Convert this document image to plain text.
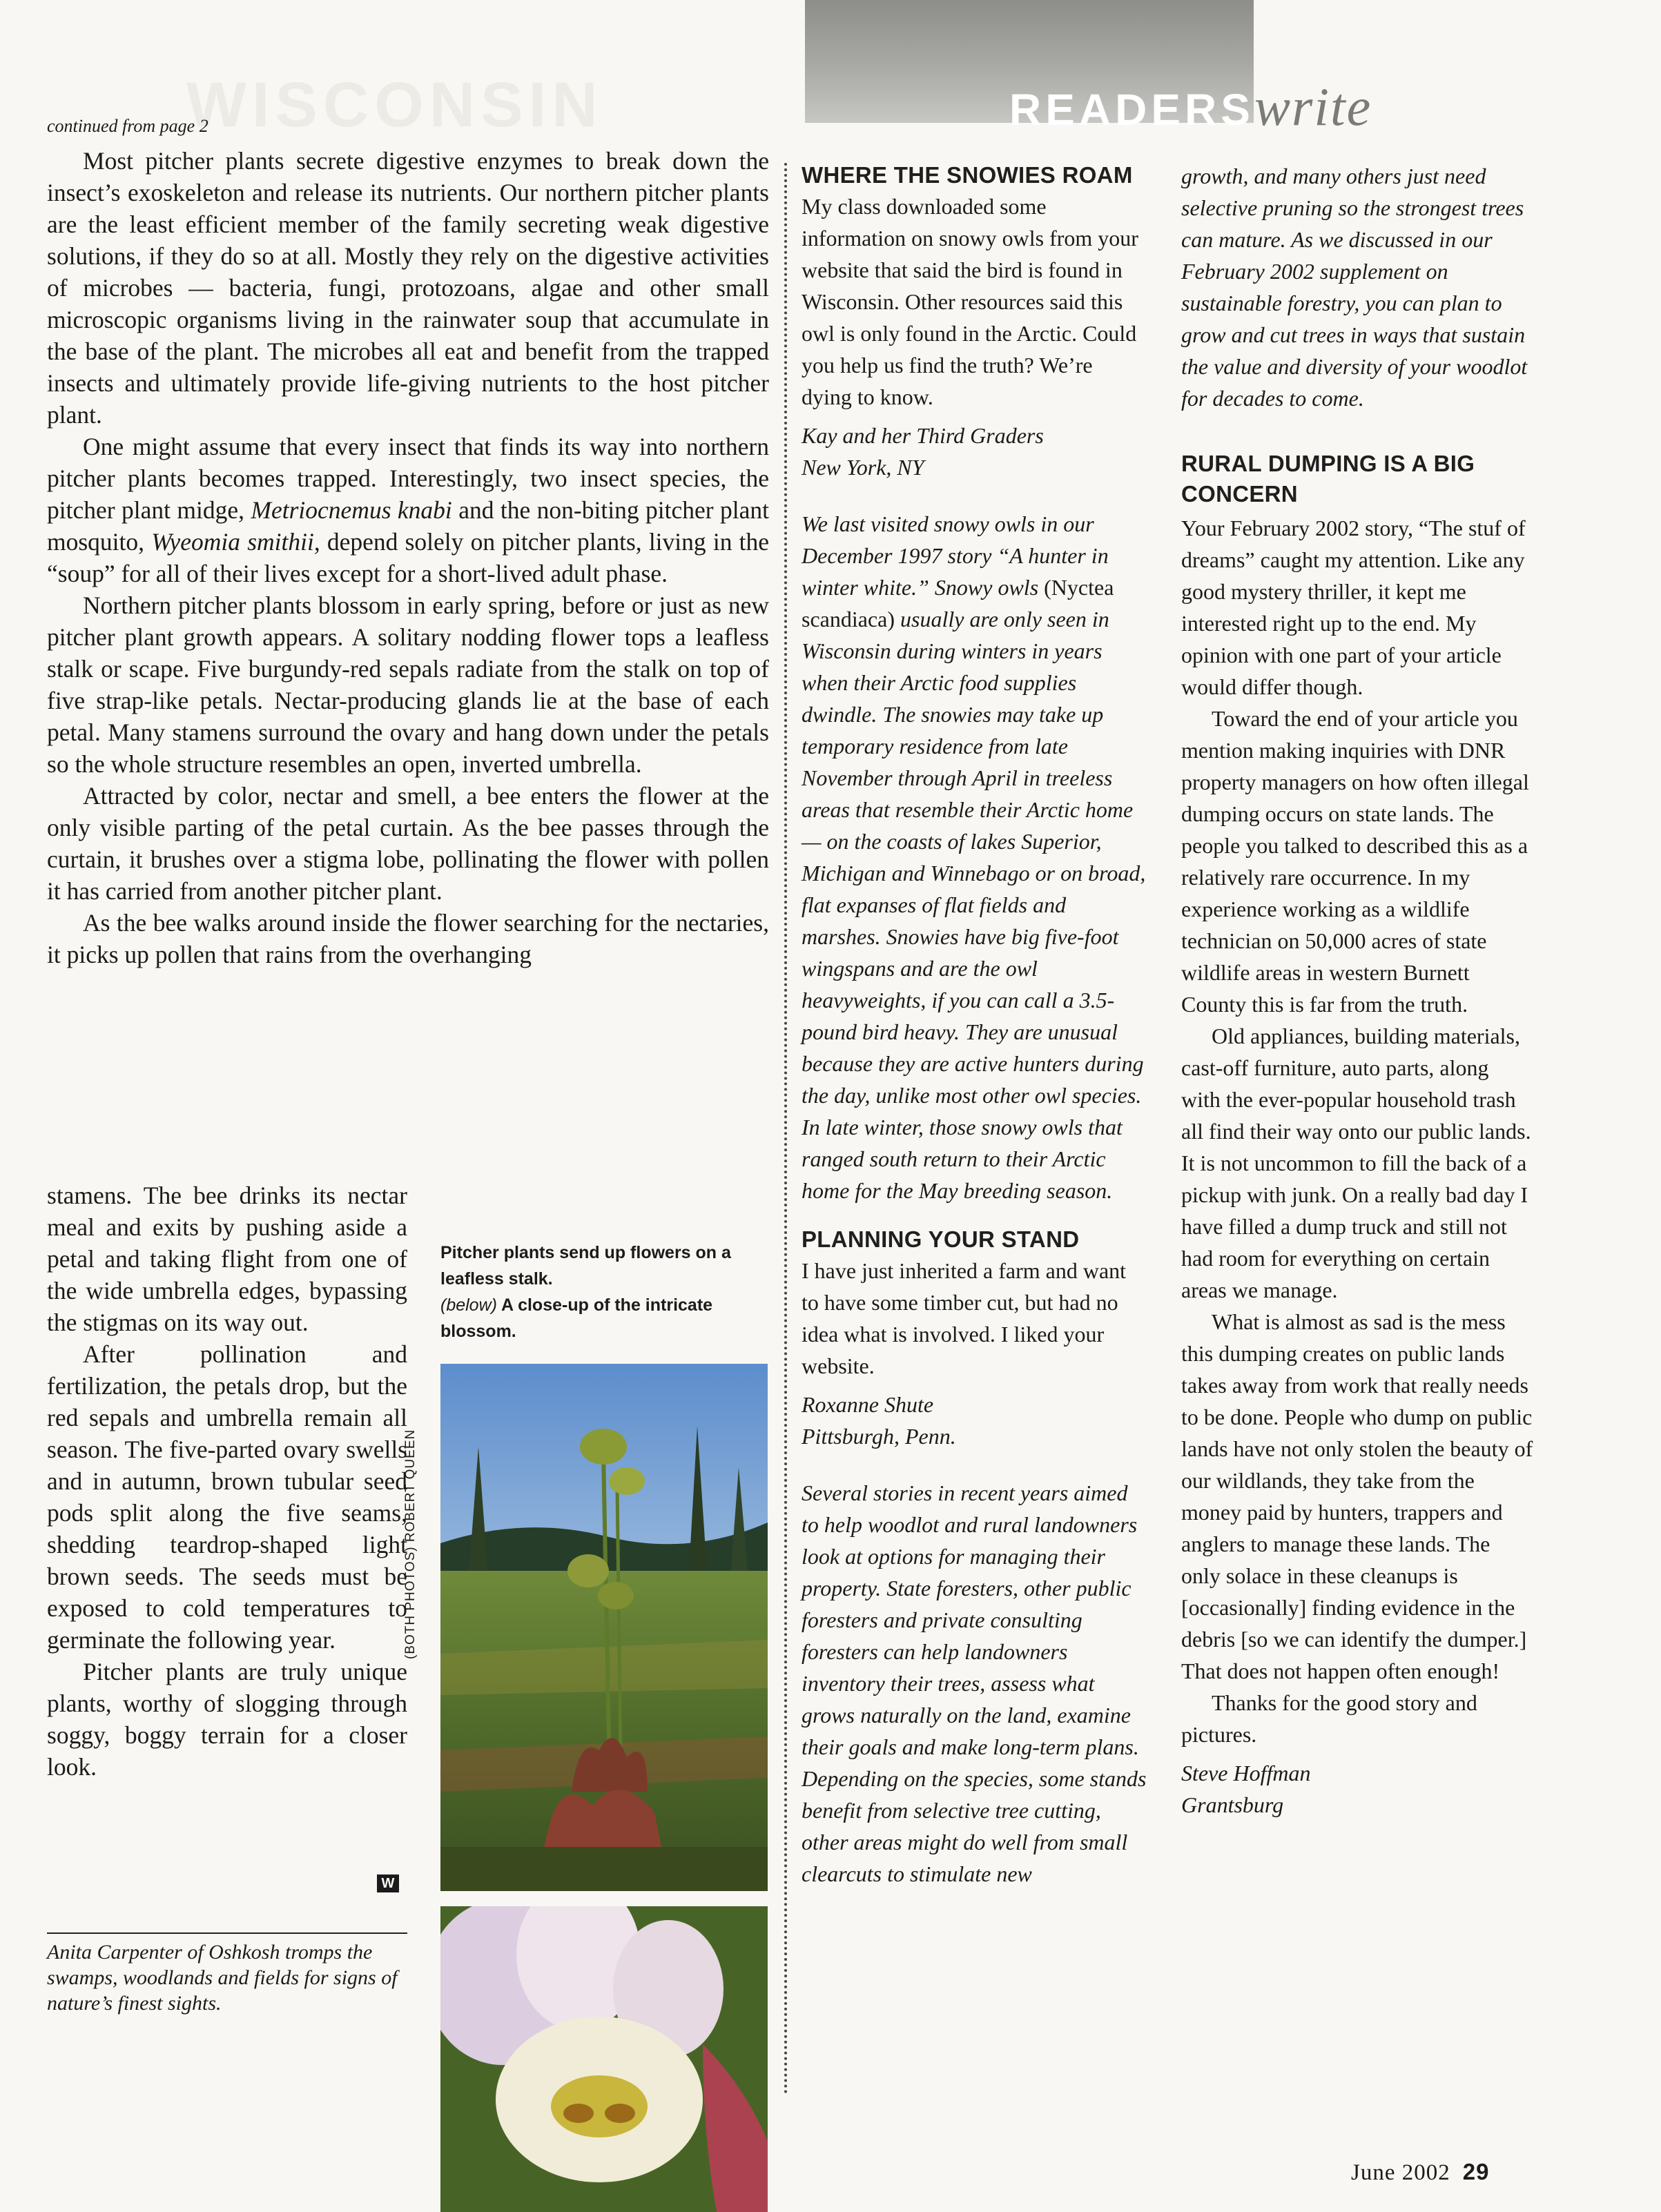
WISCONSIN	READERSwrite
continued from page 2

Most pitcher plants secrete digestive enzymes to break down the insect’s exoskeleton and release its nutrients. Our northern pitcher plants are the least efficient member of the family secreting weak digestive solutions, if they do so at all. Mostly they rely on the digestive activities of microbes — bacteria, fungi, protozoans, algae and other small microscopic organisms living in the rainwater soup that accumulate in the base of the plant. The microbes all eat and benefit from the trapped insects and ultimately provide life-giving nutrients to the host pitcher plant.

One might assume that every insect that finds its way into northern pitcher plants becomes trapped. Interestingly, two insect species, the pitcher plant midge, Metriocnemus knabi and the non-biting pitcher plant mosquito, Wyeomia smithii, depend solely on pitcher plants, living in the “soup” for all of their lives except for a short-lived adult phase.

Northern pitcher plants blossom in early spring, before or just as new pitcher plant growth appears. A solitary nodding flower tops a leafless stalk or scape. Five burgundy-red sepals radiate from the stalk on top of five strap-like petals. Nectar-producing glands lie at the base of each petal. Many stamens surround the ovary and hang down under the petals so the whole structure resembles an open, inverted umbrella.

Attracted by color, nectar and smell, a bee enters the flower at the only visible parting of the petal curtain. As the bee passes through the curtain, it brushes over a stigma lobe, pollinating the flower with pollen it has carried from another pitcher plant.

As the bee walks around inside the flower searching for the nectaries, it picks up pollen that rains from the overhanging

stamens. The bee drinks its nectar meal and exits by pushing aside a petal and taking flight from one of the wide umbrella edges, bypassing the stigmas on its way out.

After pollination and fertilization, the petals drop, but the red sepals and umbrella remain all season. The five-parted ovary swells and in autumn, brown tubular seed pods split along the five seams, shedding teardrop-shaped light brown seeds. The seeds must be exposed to cold temperatures to germinate the following year.

Pitcher plants are truly unique plants, worthy of slogging through soggy, boggy terrain for a closer look.

W
Pitcher plants send up flowers on a leafless stalk.
(below) A close-up of the intricate blossom.
(BOTH PHOTOS) ROBERT QUEEN
Anita Carpenter of Oshkosh tromps the swamps, woodlands and fields for signs of nature’s finest sights.
WHERE THE SNOWIES ROAM

My class downloaded some information on snowy owls from your website that said the bird is found in Wisconsin. Other resources said this owl is only found in the Arctic. Could you help us find the truth? We’re dying to know.

Kay and her Third Graders

New York, NY

We last visited snowy owls in our December 1997 story “A hunter in winter white.” Snowy owls (Nyctea scandiaca) usually are only seen in Wisconsin during winters in years when their Arctic food supplies dwindle. The snowies may take up temporary residence from late November through April in treeless areas that resemble their Arctic home — on the coasts of lakes Superior, Michigan and Winnebago or on broad, flat expanses of flat fields and marshes. Snowies have big five-foot wingspans and are the owl heavyweights, if you can call a 3.5-pound bird heavy. They are unusual because they are active hunters during the day, unlike most other owl species. In late winter, those snowy owls that ranged south return to their Arctic home for the May breeding season.

PLANNING YOUR STAND

I have just inherited a farm and want to have some timber cut, but had no idea what is involved. I liked your website.

Roxanne Shute

Pittsburgh, Penn.

Several stories in recent years aimed to help woodlot and rural landowners look at options for managing their property. State foresters, other public foresters and private consulting foresters can help landowners inventory their trees, assess what grows naturally on the land, examine their goals and make long-term plans. Depending on the species, some stands benefit from selective tree cutting, other areas might do well from small clearcuts to stimulate new

growth, and many others just need selective pruning so the strongest trees can mature. As we discussed in our February 2002 supplement on sustainable forestry, you can plan to grow and cut trees in ways that sustain the value and diversity of your woodlot for decades to come.

RURAL DUMPING IS A BIG CONCERN

Your February 2002 story, “The stuf of dreams” caught my attention. Like any good mystery thriller, it kept me interested right up to the end. My opinion with one part of your article would differ though.

Toward the end of your article you mention making inquiries with DNR property managers on how often illegal dumping occurs on state lands. The people you talked to described this as a relatively rare occurrence. In my experience working as a wildlife technician on 50,000 acres of state wildlife areas in western Burnett County this is far from the truth.

Old appliances, building materials, cast-off furniture, auto parts, along with the ever-popular household trash all find their way onto our public lands. It is not uncommon to fill the back of a pickup with junk. On a really bad day I have filled a dump truck and still not had room for everything on certain areas we manage.

What is almost as sad is the mess this dumping creates on public lands takes away from work that really needs to be done. People who dump on public lands have not only stolen the beauty of our wildlands, they take from the money paid by hunters, trappers and anglers to manage these lands. The only solace in these cleanups is [occasionally] finding evidence in the debris [so we can identify the dumper.] That does not happen often enough!

Thanks for the good story and pictures.

Steve Hoffman

Grantsburg

June 2002 29
